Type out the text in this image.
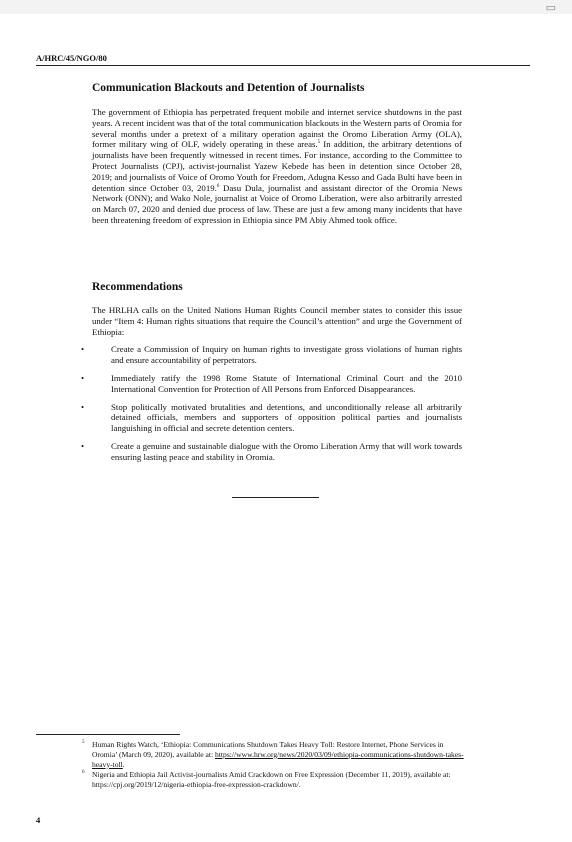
▭
A/HRC/45/NGO/80
Communication Blackouts and Detention of Journalists

The government of Ethiopia has perpetrated frequent mobile and internet service shutdowns in the past years. A recent incident was that of the total communication blackouts in the Western parts of Oromia for several months under a pretext of a military operation against the Oromo Liberation Army (OLA), former military wing of OLF, widely operating in these areas.$^5$ In addition, the arbitrary detentions of journalists have been frequently witnessed in recent times. For instance, according to the Committee to Protect Journalists (CPJ), activist-journalist Yazew Kebede has been in detention since October 28, 2019; and journalists of Voice of Oromo Youth for Freedom, Adugna Kesso and Gada Bulti have been in detention since October 03, 2019.$^6$ Dasu Dula, journalist and assistant director of the Oromia News Network (ONN); and Wako Nole, journalist at Voice of Oromo Liberation, were also arbitrarily arrested on March 07, 2020 and denied due process of law. These are just a few among many incidents that have been threatening freedom of expression in Ethiopia since PM Abiy Ahmed took office.

Recommendations

The HRLHA calls on the United Nations Human Rights Council member states to consider this issue under “Item 4: Human rights situations that require the Council’s attention” and urge the Government of Ethiopia:

•	Create a Commission of Inquiry on human rights to investigate gross violations of human rights and ensure accountability of perpetrators.
•	Immediately ratify the 1998 Rome Statute of International Criminal Court and the 2010 International Convention for Protection of All Persons from Enforced Disappearances.
•	Stop politically motivated brutalities and detentions, and unconditionally release all arbitrarily detained officials, members and supporters of opposition political parties and journalists languishing in official and secrete detention centers.
•	Create a genuine and sustainable dialogue with the Oromo Liberation Army that will work towards ensuring lasting peace and stability in Oromia.
5 Human Rights Watch, ‘Ethiopia: Communications Shutdown Takes Heavy Toll: Restore Internet, Phone Services in Oromia’ (March 09, 2020), available at: https://www.hrw.org/news/2020/03/09/ethiopia-communications-shutdown-takes-heavy-toll.
6 Nigeria and Ethiopia Jail Activist-journalists Amid Crackdown on Free Expression (December 11, 2019), available at: https://cpj.org/2019/12/nigeria-ethiopia-free-expression-crackdown/.
4
